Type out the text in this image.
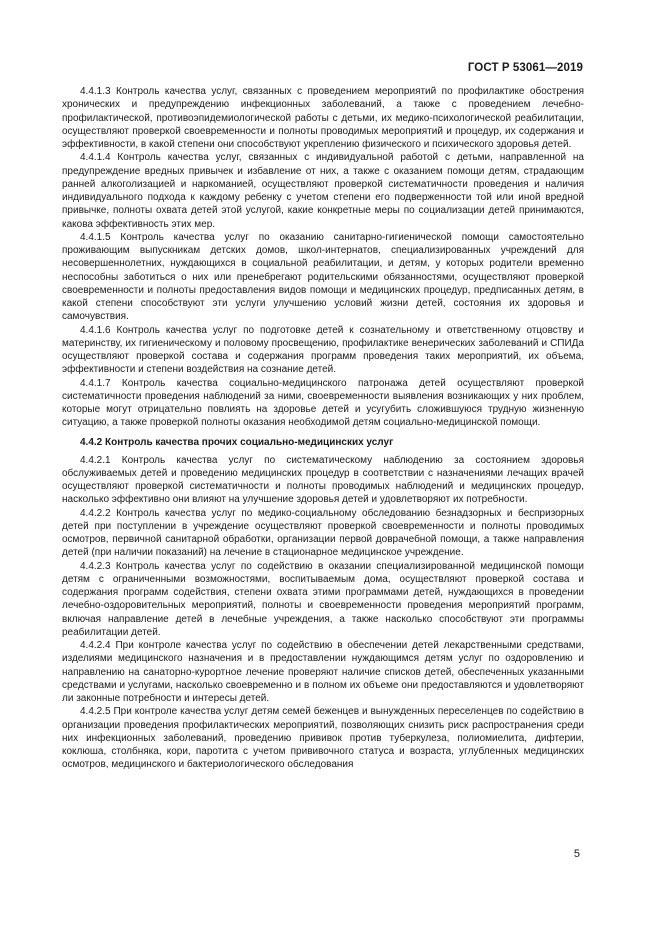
ГОСТ Р 53061—2019

4.4.1.3 Контроль качества услуг, связанных с проведением мероприятий по профилактике обострения хронических и предупреждению инфекционных заболеваний, а также с проведением лечебно-профилактической, противоэпидемиологической работы с детьми, их медико-психологической реабилитации, осуществляют проверкой своевременности и полноты проводимых мероприятий и процедур, их содержания и эффективности, в какой степени они способствуют укреплению физического и психического здоровья детей.

4.4.1.4 Контроль качества услуг, связанных с индивидуальной работой с детьми, направленной на предупреждение вредных привычек и избавление от них, а также с оказанием помощи детям, страдающим ранней алкоголизацией и наркоманией, осуществляют проверкой систематичности проведения и наличия индивидуального подхода к каждому ребенку с учетом степени его подверженности той или иной вредной привычке, полноты охвата детей этой услугой, какие конкретные меры по социализации детей принимаются, какова эффективность этих мер.

4.4.1.5 Контроль качества услуг по оказанию санитарно-гигиенической помощи самостоятельно проживающим выпускникам детских домов, школ-интернатов, специализированных учреждений для несовершеннолетних, нуждающихся в социальной реабилитации, и детям, у которых родители временно неспособны заботиться о них или пренебрегают родительскими обязанностями, осуществляют проверкой своевременности и полноты предоставления видов помощи и медицинских процедур, предписанных детям, в какой степени способствуют эти услуги улучшению условий жизни детей, состояния их здоровья и самочувствия.

4.4.1.6 Контроль качества услуг по подготовке детей к сознательному и ответственному отцовству и материнству, их гигиеническому и половому просвещению, профилактике венерических заболеваний и СПИДа осуществляют проверкой состава и содержания программ проведения таких мероприятий, их объема, эффективности и степени воздействия на сознание детей.

4.4.1.7 Контроль качества социально-медицинского патронажа детей осуществляют проверкой систематичности проведения наблюдений за ними, своевременности выявления возникающих у них проблем, которые могут отрицательно повлиять на здоровье детей и усугубить сложившуюся трудную жизненную ситуацию, а также проверкой полноты оказания необходимой детям социально-медицинской помощи.

4.4.2 Контроль качества прочих социально-медицинских услуг

4.4.2.1 Контроль качества услуг по систематическому наблюдению за состоянием здоровья обслуживаемых детей и проведению медицинских процедур в соответствии с назначениями лечащих врачей осуществляют проверкой систематичности и полноты проводимых наблюдений и медицинских процедур, насколько эффективно они влияют на улучшение здоровья детей и удовлетворяют их потребности.

4.4.2.2 Контроль качества услуг по медико-социальному обследованию безнадзорных и беспризорных детей при поступлении в учреждение осуществляют проверкой своевременности и полноты проводимых осмотров, первичной санитарной обработки, организации первой доврачебной помощи, а также направления детей (при наличии показаний) на лечение в стационарное медицинское учреждение.

4.4.2.3 Контроль качества услуг по содействию в оказании специализированной медицинской помощи детям с ограниченными возможностями, воспитываемым дома, осуществляют проверкой состава и содержания программ содействия, степени охвата этими программами детей, нуждающихся в проведении лечебно-оздоровительных мероприятий, полноты и своевременности проведения мероприятий программ, включая направление детей в лечебные учреждения, а также насколько способствуют эти программы реабилитации детей.

4.4.2.4 При контроле качества услуг по содействию в обеспечении детей лекарственными средствами, изделиями медицинского назначения и в предоставлении нуждающимся детям услуг по оздоровлению и направлению на санаторно-курортное лечение проверяют наличие списков детей, обеспеченных указанными средствами и услугами, насколько своевременно и в полном их объеме они предоставляются и удовлетворяют ли законные потребности и интересы детей.

4.4.2.5 При контроле качества услуг детям семей беженцев и вынужденных переселенцев по содействию в организации проведения профилактических мероприятий, позволяющих снизить риск распространения среди них инфекционных заболеваний, проведению прививок против туберкулеза, полиомиелита, дифтерии, коклюша, столбняка, кори, паротита с учетом прививочного статуса и возраста, углубленных медицинских осмотров, медицинского и бактериологического обследования

5
